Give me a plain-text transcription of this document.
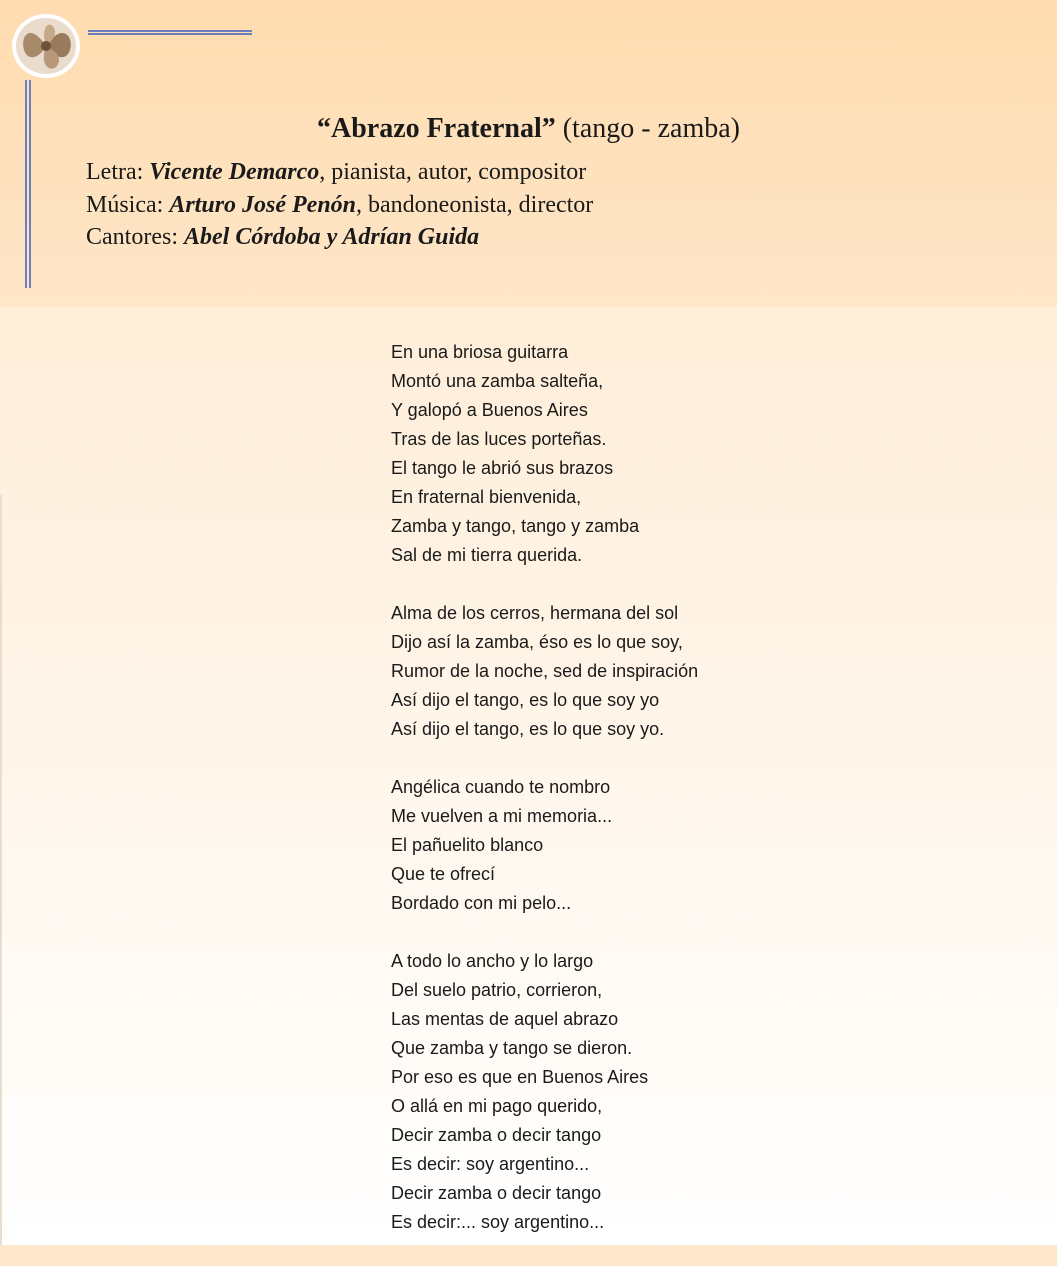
“Abrazo Fraternal” (tango - zamba)
Letra: Vicente Demarco, pianista, autor, compositor
Música: Arturo José Penón, bandoneonista, director
Cantores: Abel Córdoba y Adrían Guida
En una briosa guitarra
Montó una zamba salteña,
Y galopó a Buenos Aires
Tras de las luces porteñas.
El tango le abrió sus brazos
En fraternal bienvenida,
Zamba y tango, tango y zamba
Sal de mi tierra querida.
Alma de los cerros, hermana del sol
Dijo así la zamba, éso es lo que soy,
Rumor de la noche, sed de inspiración
Así dijo el tango, es lo que soy yo
Así dijo el tango, es lo que soy yo.
Angélica cuando te nombro
Me vuelven a mi memoria...
El pañuelito blanco
Que te ofrecí
Bordado con mi pelo...
A todo lo ancho y lo largo
Del suelo patrio, corrieron,
Las mentas de aquel abrazo
Que zamba y tango se dieron.
Por eso es que en Buenos Aires
O allá en mi pago querido,
Decir zamba o decir tango
Es decir: soy argentino...
Decir zamba o decir tango
Es decir:... soy argentino...
